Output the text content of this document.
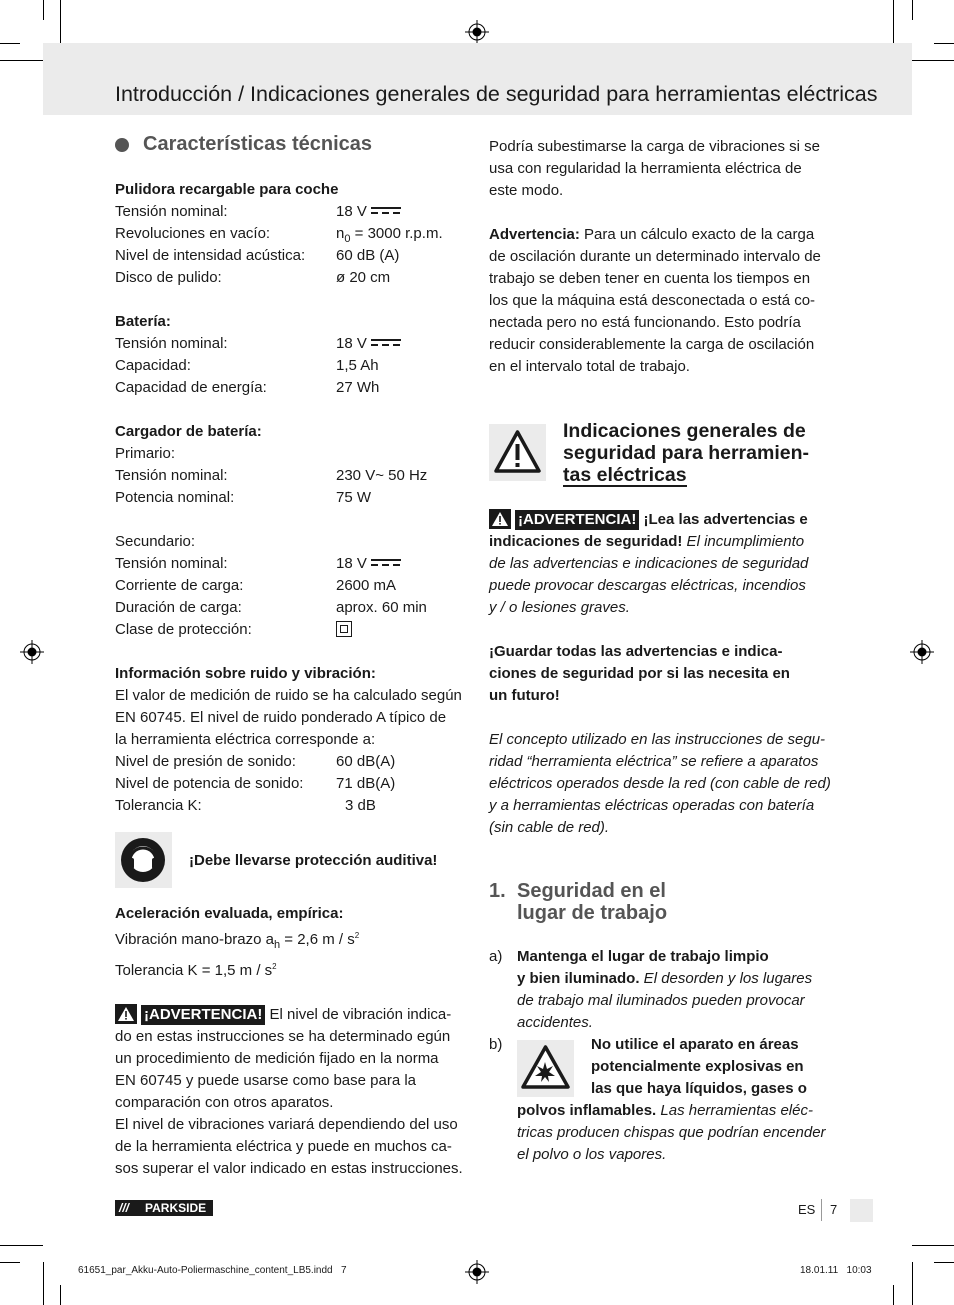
Introducción / Indicaciones generales de seguridad para herramientas eléctricas
Características técnicas
Pulidora recargable para coche
Tensión nominal:	18 V
Revoluciones en vacío:	$n_0 = 3000$ r.p.m.
Nivel de intensidad acústica: 60 dB (A)
Disco de pulido:	ø 20 cm
Batería:
Tensión nominal:	18 V
Capacidad:	1,5 Ah
Capacidad de energía:	27 Wh
Cargador de batería:
Primario:
Tensión nominal:	230 V~ 50 Hz
Potencia nominal:	75 W
Secundario:
Tensión nominal:	18 V
Corriente de carga:	2600 mA
Duración de carga:	aprox. 60 min
Clase de protección:
Información sobre ruido y vibración:
El valor de medición de ruido se ha calculado según
EN 60745. El nivel de ruido ponderado A típico de
la herramienta eléctrica corresponde a:
Nivel de presión de sonido:	60 dB(A)
Nivel de potencia de sonido: 71 dB(A)
Tolerancia K:	3 dB
¡Debe llevarse protección auditiva!
Aceleración evaluada, empírica:
Vibración mano-brazo $a_h = 2,6$ m / $s^2$
Tolerancia K = 1,5 m / $s^2$
¡ADVERTENCIA! El nivel de vibración indica-
do en estas instrucciones se ha determinado egún
un procedimiento de medición fijado en la norma
EN 60745 y puede usarse como base para la
comparación con otros aparatos.
El nivel de vibraciones variará dependiendo del uso
de la herramienta eléctrica y puede en muchos ca-
sos superar el valor indicado en estas instrucciones.
Podría subestimarse la carga de vibraciones si se
usa con regularidad la herramienta eléctrica de
este modo.
Advertencia: Para un cálculo exacto de la carga
de oscilación durante un determinado intervalo de
trabajo se deben tener en cuenta los tiempos en
los que la máquina está desconectada o está co-
nectada pero no está funcionando. Esto podría
reducir considerablemente la carga de oscilación
en el intervalo total de trabajo.
Indicaciones generales de
seguridad para herramien-
tas eléctricas
¡ADVERTENCIA! ¡Lea las advertencias e
indicaciones de seguridad! El incumplimiento
de las advertencias e indicaciones de seguridad
puede provocar descargas eléctricas, incendios
y / o lesiones graves.
¡Guardar todas las advertencias e indica-
ciones de seguridad por si las necesita en
un futuro!
El concepto utilizado en las instrucciones de segu-
ridad “herramienta eléctrica” se refiere a aparatos
eléctricos operados desde la red (con cable de red)
y a herramientas eléctricas operadas con batería
(sin cable de red).
1. Seguridad en el
lugar de trabajo
a) Mantenga el lugar de trabajo limpio
y bien iluminado. El desorden y los lugares
de trabajo mal iluminados pueden provocar
accidentes.
b)	No utilice el aparato en áreas
potencialmente explosivas en
las que haya líquidos, gases o
polvos inflamables. Las herramientas eléc-
tricas producen chispas que podrían encender
el polvo o los vapores.
/// PARKSIDE	ES 7
61651_par_Akku-Auto-Poliermaschine_content_LB5.indd   7	18.01.11   10:03
